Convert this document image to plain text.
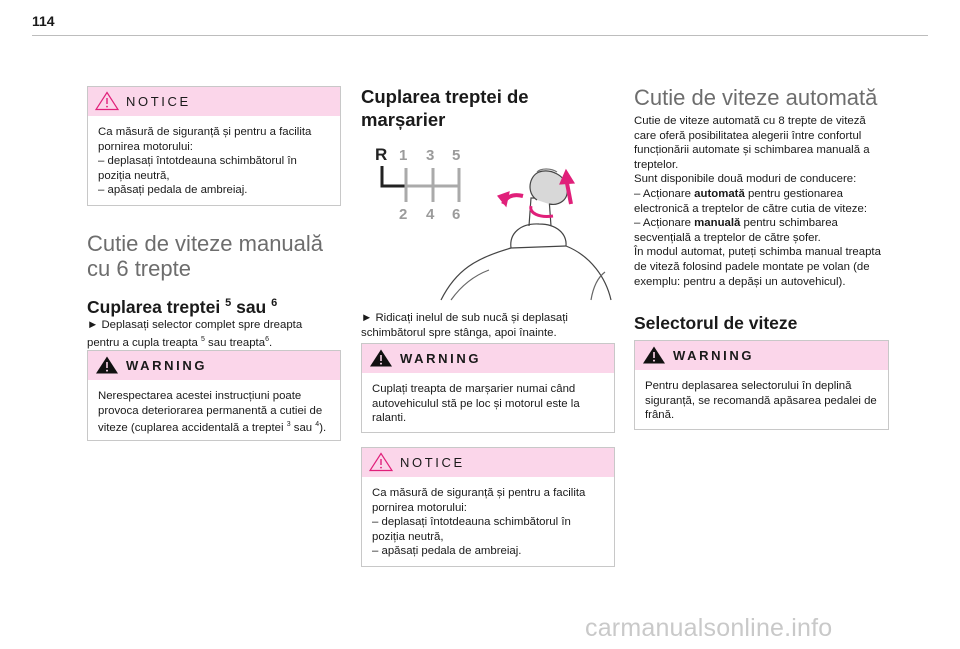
114
NOTICE
Ca măsură de siguranță și pentru a facilita
pornirea motorului:
– deplasați întotdeauna schimbătorul în
poziția neutră,
– apăsați pedala de ambreiaj.
Cutie de viteze manuală
cu 6 trepte
Cuplarea treptei $^5$ sau $^6$
► Deplasați selector complet spre dreapta
pentru a cupla treapta $^5$ sau treapta$^6$.
WARNING
Nerespectarea acestei instrucțiuni poate
provoca deteriorarea permanentă a cutiei de
viteze (cuplarea accidentală a treptei $^3$ sau $^4$).
Cuplarea treptei de
marșarier
R 1 3 5
2 4 6
► Ridicați inelul de sub nucă și deplasați
schimbătorul spre stânga, apoi înainte.
WARNING
Cuplați treapta de marșarier numai când
autovehiculul stă pe loc și motorul este la
ralanti.
NOTICE
Ca măsură de siguranță și pentru a facilita
pornirea motorului:
– deplasați întotdeauna schimbătorul în
poziția neutră,
– apăsați pedala de ambreiaj.
Cutie de viteze automată
Cutie de viteze automată cu 8 trepte de viteză
care oferă posibilitatea alegerii între confortul
funcționării automate și schimbarea manuală a
treptelor.
Sunt disponibile două moduri de conducere:
– Acționare automată pentru gestionarea
electronică a treptelor de către cutia de viteze:
– Acționare manuală pentru schimbarea
secvențială a treptelor de către șofer.
În modul automat, puteți schimba manual treapta
de viteză folosind padele montate pe volan (de
exemplu: pentru a depăși un autovehicul).
Selectorul de viteze
WARNING
Pentru deplasarea selectorului în deplină
siguranță, se recomandă apăsarea pedalei de
frână.
carmanualsonline.info
